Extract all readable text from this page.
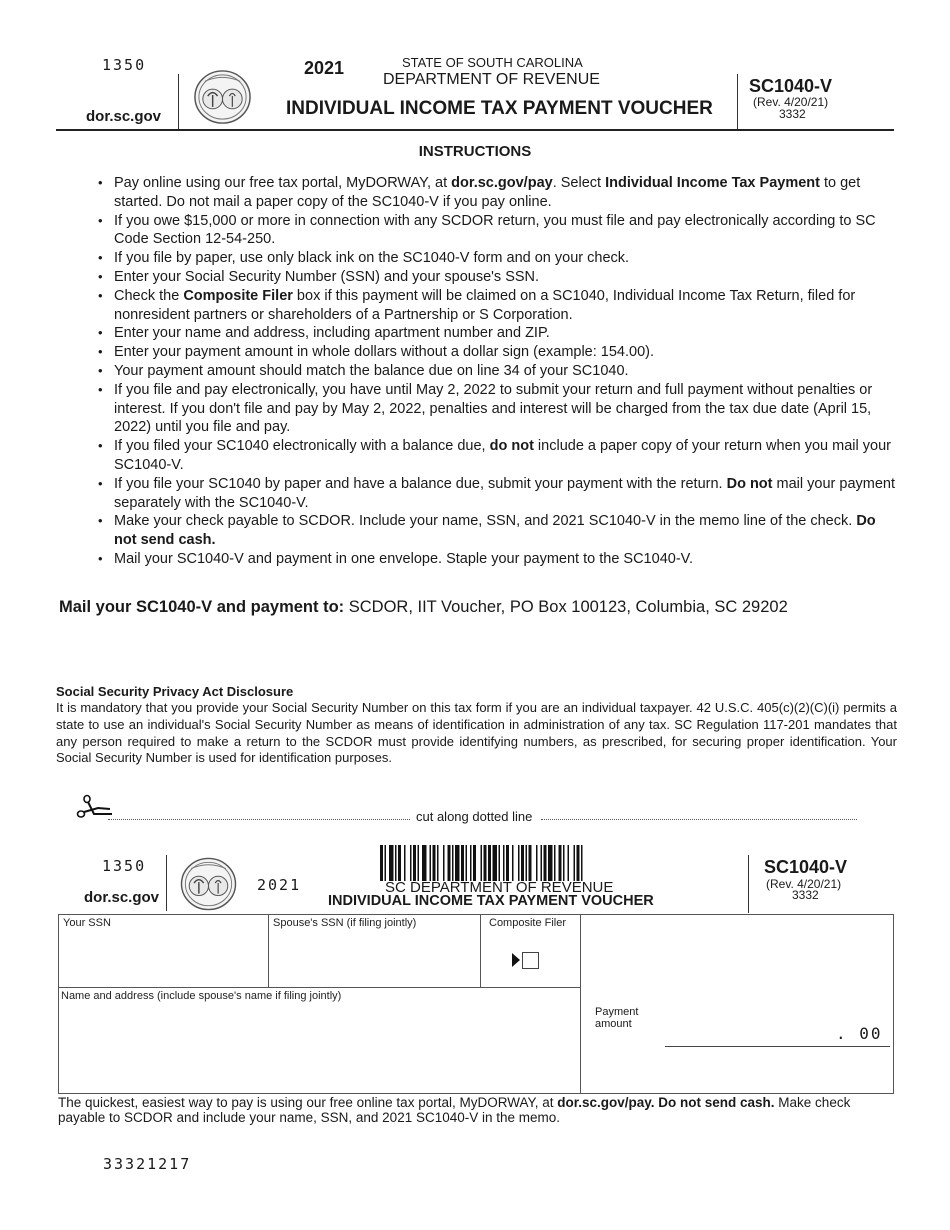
1350
dor.sc.gov
2021	STATE OF SOUTH CAROLINA
DEPARTMENT OF REVENUE
INDIVIDUAL INCOME TAX PAYMENT VOUCHER
SC1040-V
(Rev. 4/20/21)
3332
INSTRUCTIONS
• Pay online using our free tax portal, MyDORWAY, at dor.sc.gov/pay. Select Individual Income Tax Payment to get started. Do not mail a paper copy of the SC1040-V if you pay online.
• If you owe $15,000 or more in connection with any SCDOR return, you must file and pay electronically according to SC Code Section 12-54-250.
• If you file by paper, use only black ink on the SC1040-V form and on your check.
• Enter your Social Security Number (SSN) and your spouse's SSN.
• Check the Composite Filer box if this payment will be claimed on a SC1040, Individual Income Tax Return, filed for nonresident partners or shareholders of a Partnership or S Corporation.
• Enter your name and address, including apartment number and ZIP.
• Enter your payment amount in whole dollars without a dollar sign (example: 154.00).
• Your payment amount should match the balance due on line 34 of your SC1040.
• If you file and pay electronically, you have until May 2, 2022 to submit your return and full payment without penalties or interest. If you don't file and pay by May 2, 2022, penalties and interest will be charged from the tax due date (April 15, 2022) until you file and pay.
• If you filed your SC1040 electronically with a balance due, do not include a paper copy of your return when you mail your SC1040-V.
• If you file your SC1040 by paper and have a balance due, submit your payment with the return. Do not mail your payment separately with the SC1040-V.
• Make your check payable to SCDOR. Include your name, SSN, and 2021 SC1040-V in the memo line of the check. Do not send cash.
• Mail your SC1040-V and payment in one envelope. Staple your payment to the SC1040-V.
Mail your SC1040-V and payment to: SCDOR, IIT Voucher, PO Box 100123, Columbia, SC 29202
Social Security Privacy Act Disclosure
It is mandatory that you provide your Social Security Number on this tax form if you are an individual taxpayer. 42 U.S.C. 405(c)(2)(C)(i) permits a state to use an individual's Social Security Number as means of identification in administration of any tax. SC Regulation 117-201 mandates that any person required to make a return to the SCDOR must provide identifying numbers, as prescribed, for securing proper identification. Your Social Security Number is used for identification purposes.
cut along dotted line
1350
dor.sc.gov
2021	SC DEPARTMENT OF REVENUE
INDIVIDUAL INCOME TAX PAYMENT VOUCHER
SC1040-V
(Rev. 4/20/21)
3332
Your SSN	Spouse's SSN (if filing jointly)	Composite Filer
Name and address (include spouse's name if filing jointly)
Payment
amount	. 00
The quickest, easiest way to pay is using our free online tax portal, MyDORWAY, at dor.sc.gov/pay. Do not send cash. Make check payable to SCDOR and include your name, SSN, and 2021 SC1040-V in the memo.
33321217
